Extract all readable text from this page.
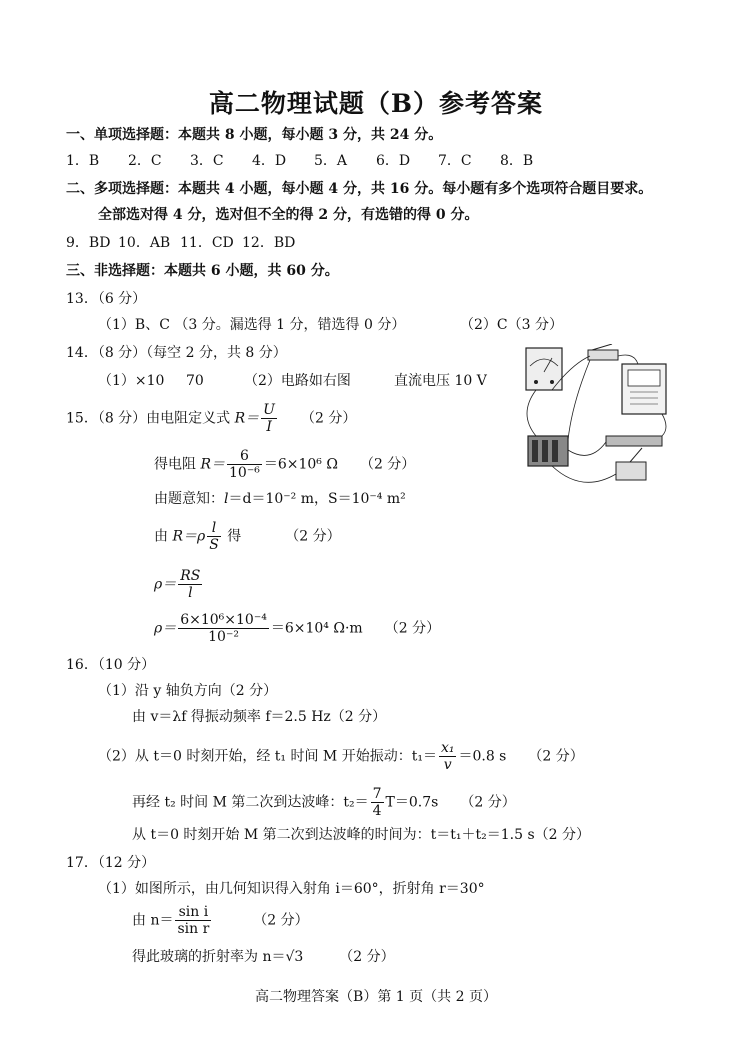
高二物理试题（B）参考答案
一、单项选择题：本题共 8 小题，每小题 3 分，共 24 分。
1．B 2．C 3．C 4．D 5．A 6．D 7．C 8．B
二、多项选择题：本题共 4 小题，每小题 4 分，共 16 分。每小题有多个选项符合题目要求。
全部选对得 4 分，选对但不全的得 2 分，有选错的得 0 分。
9．BD 10．AB 11．CD 12．BD
三、非选择题：本题共 6 小题，共 60 分。
13．（6 分）
（1）B、C （3 分。漏选得 1 分，错选得 0 分）	（2）C（3 分）
14．（8 分）（每空 2 分，共 8 分）
（1）×10 70	（2）电路如右图	直流电压 10 V
15．（8 分）由电阻定义式 $R= \frac{U}{I} (2$ 分）
得电阻 $R= \frac{6}{\text{10⁻⁶}} =6\times 10^6$ Ω （2 分）
由题意知：l＝d＝10⁻² m，S＝10⁻⁴ m²
由 $R=\rho \frac{l}{S}$ 得	（2 分）
$\rho= \frac{RS}{l}$
$\rho= \frac{\text{6×10⁶×10⁻⁴}}{\text{10⁻²}} =6\times 10^4$ Ω·m （2 分）
16．（10 分）
（1）沿 y 轴负方向（2 分）
由 v＝λf 得振动频率 f＝2.5 Hz（2 分）
（2）从 t＝0 时刻开始，经 t₁ 时间 M 开始振动：$t_1= \frac{\text{x₁}}{v} =0.8$ s （2 分）
再经 t₂ 时间 M 第二次到达波峰：$t_2= \frac{7}{4} T=0.7s$ （2 分）
从 t＝0 时刻开始 M 第二次到达波峰的时间为：t＝t₁＋t₂＝1.5 s（2 分）
17．（12 分）
（1）如图所示，由几何知识得入射角 i＝60°，折射角 r＝30°
由 $n= \frac{\text{sin i}}{\text{sin r}}$	（2 分）
得此玻璃的折射率为 n＝√3	（2 分）
高二物理答案（B）第 1 页（共 2 页）
